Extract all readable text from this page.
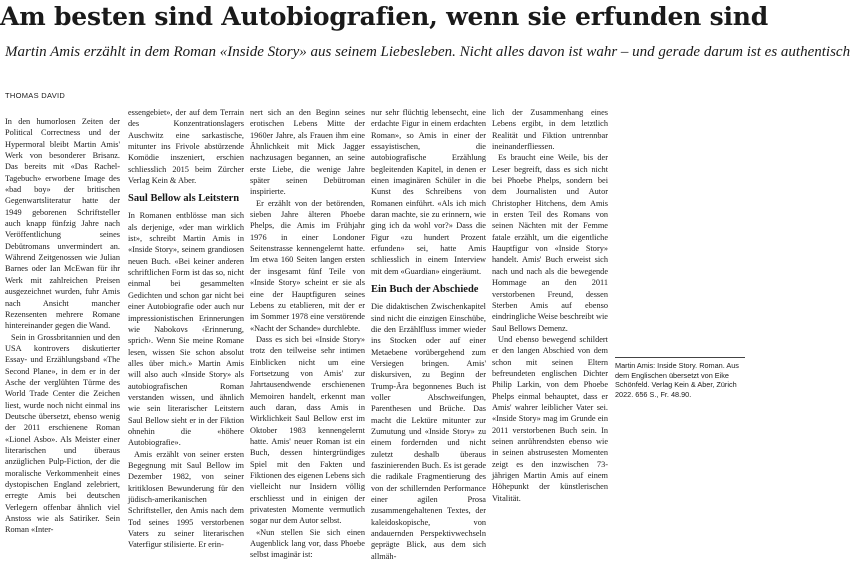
Am besten sind Autobiografien, wenn sie erfunden sind
Martin Amis erzählt in dem Roman «Inside Story» aus seinem Liebesleben. Nicht alles davon ist wahr – und gerade darum ist es authentisch
THOMAS DAVID

In den humorlosen Zeiten der Political Correctness und der Hypermoral bleibt Martin Amis' Werk von besonderer Brisanz. Das bereits mit «Das Rachel-Tagebuch» erworbene Image des «bad boy» der britischen Gegenwartsliteratur hatte der 1949 geborenen Schriftsteller auch knapp fünfzig Jahre nach Veröffentlichung seines Debütromans unvermindert an. Während Zeitgenossen wie Julian Barnes oder Ian McEwan für ihr Werk mit zahlreichen Preisen ausgezeichnet wurden, fuhr Amis nach Ansicht mancher Rezensenten mehrere Romane hintereinander gegen die Wand.

Sein in Grossbritannien und den USA kontrovers diskutierter Essay- und Erzählungsband «The Second Plane», in dem er in der Asche der verglühten Türme des World Trade Center die Zeichen liest, wurde noch nicht einmal ins Deutsche übersetzt, ebenso wenig der 2011 erschienene Roman «Lionel Asbo». Als Meister einer literarischen und überaus anzüglichen Pulp-Fiction, der die moralische Verkommenheit eines dystopischen England zelebriert, erregte Amis bei deutschen Verlegern offenbar ähnlich viel Anstoss wie als Satiriker. Sein Roman «Inter-

essengebiet», der auf dem Terrain des Konzentrationslagers Auschwitz eine sarkastische, mitunter ins Frivole abstürzende Komödie inszeniert, erschien schliesslich 2015 beim Zürcher Verlag Kein & Aber.

Saul Bellow als Leitstern

In Romanen entblösse man sich als derjenige, «der man wirklich ist», schreibt Martin Amis in «Inside Story», seinem grandiosen neuen Buch. «Bei keiner anderen schriftlichen Form ist das so, nicht einmal bei gesammelten Gedichten und schon gar nicht bei einer Autobiografie oder auch nur impressionistischen Erinnerungen wie Nabokovs ‹Erinnerung, sprich›. Wenn Sie meine Romane lesen, wissen Sie schon absolut alles über mich.» Martin Amis will also auch «Inside Story» als autobiografischen Roman verstanden wissen, und ähnlich wie sein literarischer Leitstern Saul Bellow sieht er in der Fiktion ohnehin die «höhere Autobiografie».

Amis erzählt von seiner ersten Begegnung mit Saul Bellow im Dezember 1982, von seiner kritiklosen Bewunderung für den jüdisch-amerikanischen Schriftsteller, den Amis nach dem Tod seines 1995 verstorbenen Vaters zu seiner literarischen Vaterfigur stilisierte. Er erin-

nert sich an den Beginn seines erotischen Lebens Mitte der 1960er Jahre, als Frauen ihm eine Ähnlichkeit mit Mick Jagger nachzusagen begannen, an seine erste Liebe, die wenige Jahre später seinen Debütroman inspirierte.

Er erzählt von der betörenden, sieben Jahre älteren Phoebe Phelps, die Amis im Frühjahr 1976 in einer Londoner Seitenstrasse kennengelernt hatte. Im etwa 160 Seiten langen ersten der insgesamt fünf Teile von «Inside Story» scheint er sie als eine der Hauptfiguren seines Lebens zu etablieren, mit der er im Sommer 1978 eine verstörende «Nacht der Schande» durchlebte.

Dass es sich bei «Inside Story» trotz den teilweise sehr intimen Einblicken nicht um eine Fortsetzung von Amis' zur Jahrtausendwende erschienenen Memoiren handelt, erkennt man auch daran, dass Amis in Wirklichkeit Saul Bellow erst im Oktober 1983 kennengelernt hatte. Amis' neuer Roman ist ein Buch, dessen hintergründiges Spiel mit den Fakten und Fiktionen des eigenen Lebens sich vielleicht nur Insidern völlig erschliesst und in einigen der privatesten Momente vermutlich sogar nur dem Autor selbst.

«Nun stellen Sie sich einen Augenblick lang vor, dass Phoebe selbst imaginär ist:

nur sehr flüchtig lebensecht, eine erdachte Figur in einem erdachten Roman», so Amis in einer der essayistischen, die autobiografische Erzählung begleitenden Kapitel, in denen er einen imaginären Schüler in die Kunst des Schreibens von Romanen einführt. «Als ich mich daran machte, sie zu erinnern, wie ging ich da wohl vor?» Dass die Figur «zu hundert Prozent erfunden» sei, hatte Amis schliesslich in einem Interview mit dem «Guardian» eingeräumt.

Ein Buch der Abschiede

Die didaktischen Zwischenkapitel sind nicht die einzigen Einschübe, die den Erzählfluss immer wieder ins Stocken oder auf einer Metaebene vorübergehend zum Versiegen bringen. Amis' diskursiven, zu Beginn der Trump-Ära begonnenes Buch ist voller Abschweifungen, Parenthesen und Brüche. Das macht die Lektüre mitunter zur Zumutung und «Inside Story» zu einem fordernden und nicht zuletzt deshalb überaus faszinierenden Buch. Es ist gerade die radikale Fragmentierung des von der schillernden Performance einer agilen Prosa zusammengehaltenen Textes, der kaleidoskopische, von andauernden Perspektivwechseln geprägte Blick, aus dem sich allmäh-

lich der Zusammenhang eines Lebens ergibt, in dem letztlich Realität und Fiktion untrennbar ineinanderfliessen.

Es braucht eine Weile, bis der Leser begreift, dass es sich nicht bei Phoebe Phelps, sondern bei dem Journalisten und Autor Christopher Hitchens, dem Amis in ersten Teil des Romans von seinen Nächten mit der Femme fatale erzählt, um die eigentliche Hauptfigur von «Inside Story» handelt. Amis' Buch erweist sich nach und nach als die bewegende Hommage an den 2011 verstorbenen Freund, dessen Sterben Amis auf ebenso eindringliche Weise beschreibt wie Saul Bellows Demenz.

Und ebenso bewegend schildert er den langen Abschied von dem schon mit seinen Eltern befreundeten englischen Dichter Philip Larkin, von dem Phoebe Phelps einmal behauptet, dass er Amis' wahrer leiblicher Vater sei. «Inside Story» mag im Grunde ein 2011 verstorbenen Buch sein. In seinen anrührendsten ebenso wie in seinen abstrusesten Momenten zeigt es den inzwischen 73-jährigen Martin Amis auf einem Höhepunkt der künstlerischen Vitalität.

Martin Amis: Inside Story. Roman. Aus dem Englischen übersetzt von Eike Schönfeld. Verlag Kein & Aber, Zürich 2022. 656 S., Fr. 48.90.
